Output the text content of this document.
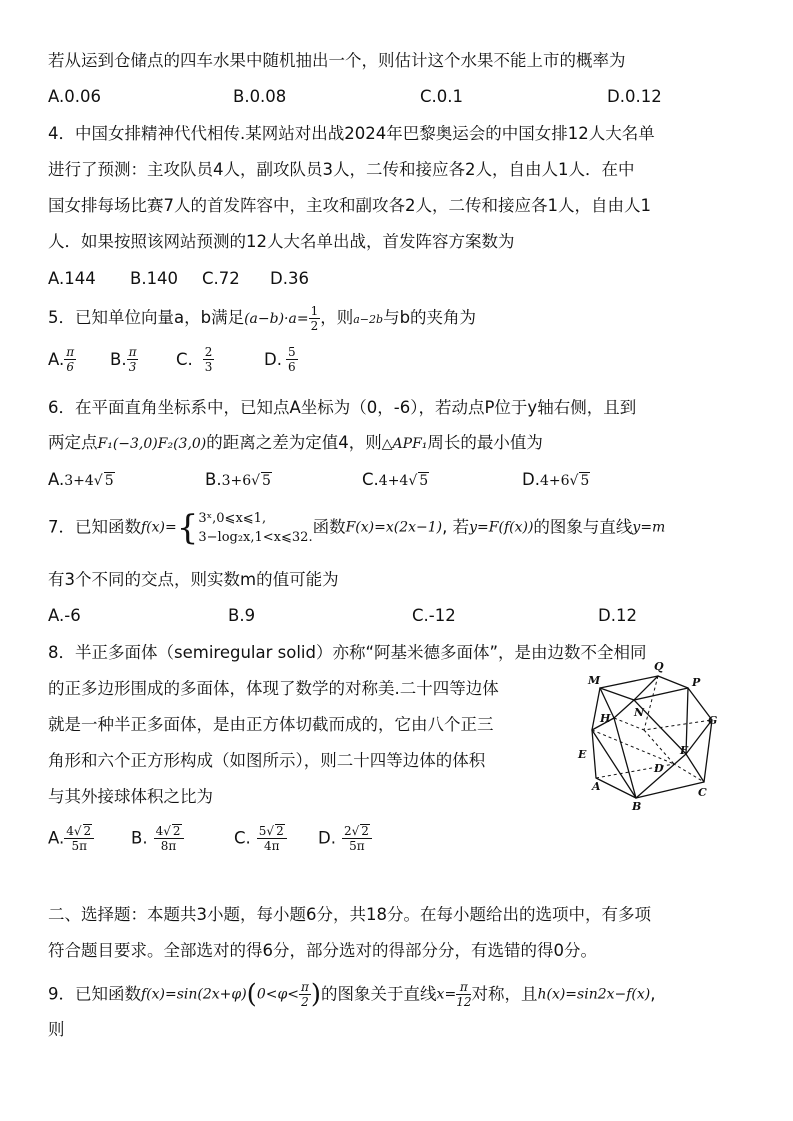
若从运到仓储点的四车水果中随机抽出一个，则估计这个水果不能上市的概率为
A.0.06	B.0.08	C.0.1	D.0.12
4．中国女排精神代代相传.某网站对出战2024年巴黎奥运会的中国女排12人大名单
进行了预测：主攻队员4人，副攻队员3人，二传和接应各2人，自由人1人．在中
国女排每场比赛7人的首发阵容中，主攻和副攻各2人，二传和接应各1人，自由人1
人．如果按照该网站预测的12人大名单出战，首发阵容方案数为
A.144 B.140 C.72 D.36
5．已知单位向量a，b满足$(a-b)\cdot a= \frac{1}{2}$ ，则a−2b与b的夹角为
A. $\frac{\pi}{6} B$. $\frac{\pi}{3} C$. $\frac{2}{3}$	D. $\frac{5}{6}$
6．在平面直角坐标系中，已知点A坐标为（0，-6），若动点P位于y轴右侧，且到
两定点F₁(−3,0)F₂(3,0)的距离之差为定值4，则△APF₁周长的最小值为
A.3+4√ 5	B.3+6√ 5	C.4+4√ 5	D.4+6√ 5
7．已知函数f(x)={ 3ˣ,0⩽x⩽1,
3−log₂x,1<x⩽32.
函数F(x)=x(2x−1), 若y=F(f(x))的图象与直线y=m
有3个不同的交点，则实数m的值可能为
A.-6	B.9	C.-12	D.12
8．半正多面体（semiregular solid）亦称“阿基米德多面体”，是由边数不全相同
的正多边形围成的多面体，体现了数学的对称美.二十四等边体
就是一种半正多面体，是由正方体切截而成的，它由八个正三
角形和六个正方形构成（如图所示），则二十四等边体的体积
与其外接球体积之比为
M
Q
P
H N
G
E	F
D
A
B
C
A. $\frac{4√ 2}{5\pi} B$. $\frac{4√ 2}{8\pi}$	C. $\frac{5√ 2}{4\pi} D$. $\frac{2√ 2}{5\pi}$
二、选择题：本题共3小题，每小题6分，共18分。在每小题给出的选项中，有多项
符合题目要求。全部选对的得6分，部分选对的得部分分，有选错的得0分。
9．已知函数$f(x)=\sin(2x+\varphi)(0<\varphi< \frac{\pi}{2}$ )的图象关于直线$x= \frac{\pi}{12}$ 对称，且h(x)=sin2x−f(x),
则
